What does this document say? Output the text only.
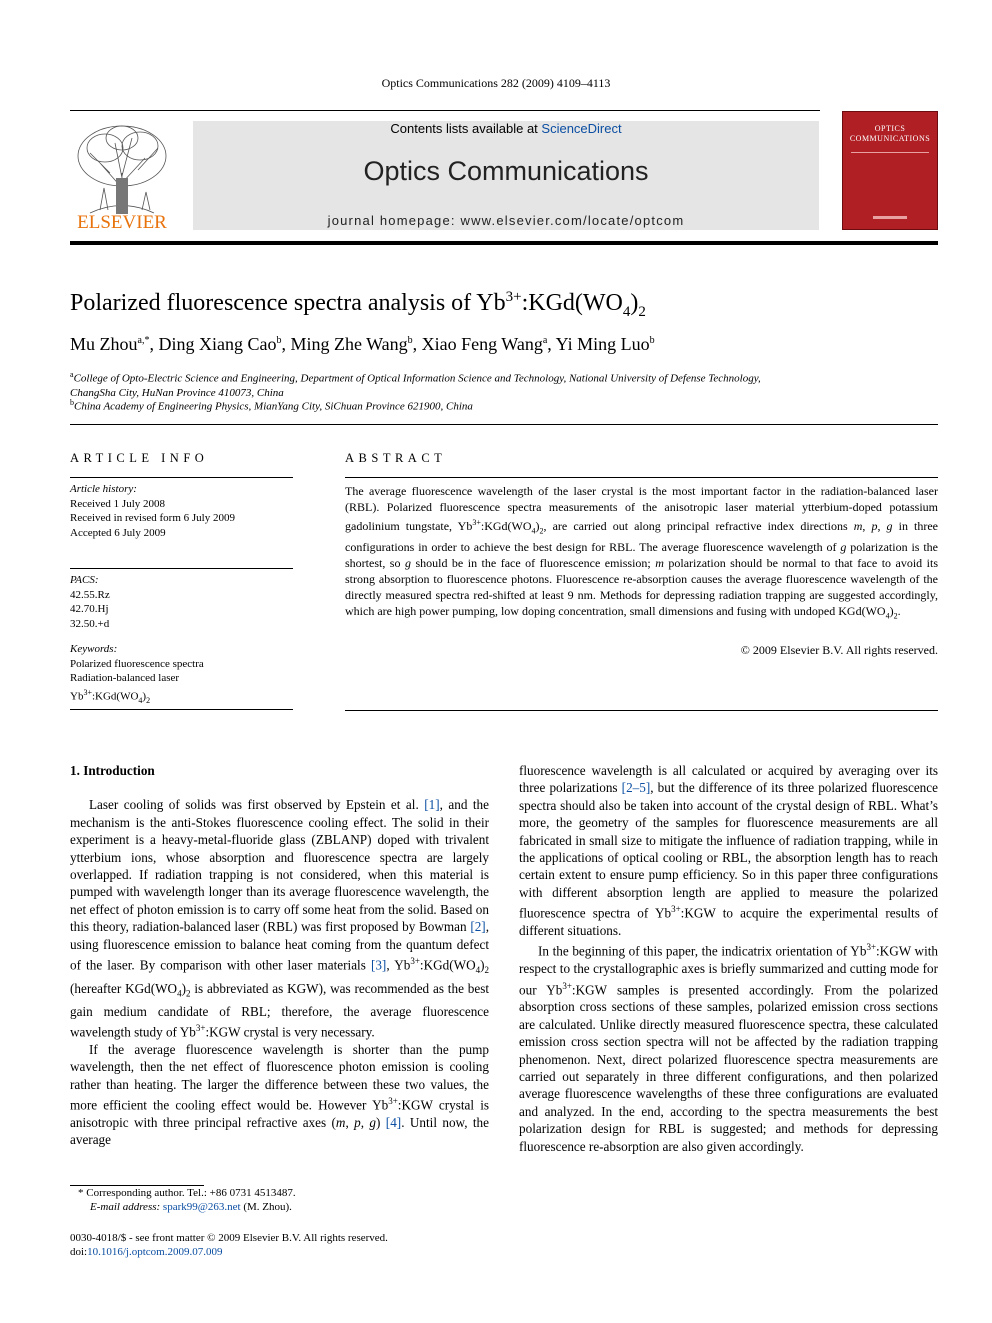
Optics Communications 282 (2009) 4109–4113
ELSEVIER
Contents lists available at ScienceDirect
Optics Communications
journal homepage: www.elsevier.com/locate/optcom
OPTICS
COMMUNICATIONS
Polarized fluorescence spectra analysis of $Yb^{3+}:KGd(WO_4)_2$
Mu Zhou$^{a,*}$, Ding Xiang Cao$^b$, Ming Zhe Wang$^b$, Xiao Feng Wang$^a$, Yi Ming Luo$^b$
$^a$College of Opto-Electric Science and Engineering, Department of Optical Information Science and Technology, National University of Defense Technology,
ChangSha City, HuNan Province 410073, China
$^b$China Academy of Engineering Physics, MianYang City, SiChuan Province 621900, China
ARTICLE INFO
Article history:
Received 1 July 2008
Received in revised form 6 July 2009
Accepted 6 July 2009
PACS:
42.55.Rz
42.70.Hj
32.50.+d
Keywords:
Polarized fluorescence spectra
Radiation-balanced laser
$Yb^{3+}:KGd(WO_4)_2$
ABSTRACT
The average fluorescence wavelength of the laser crystal is the most important factor in the radiation-balanced laser (RBL). Polarized fluorescence spectra measurements of the anisotropic laser material ytterbium-doped potassium gadolinium tungstate, $Yb^{3+}:KGd(WO_4)_2$, are carried out along principal refractive index directions m, p, g in three configurations in order to achieve the best design for RBL. The average fluorescence wavelength of g polarization is the shortest, so g should be in the face of fluorescence emission; m polarization should be normal to that face to avoid its strong absorption to fluorescence photons. Fluorescence re-absorption causes the average fluorescence wavelength of the directly measured spectra red-shifted at least 9 nm. Methods for depressing radiation trapping are suggested accordingly, which are high power pumping, low doping concentration, small dimensions and fusing with undoped $KGd(WO_4)_2$.
© 2009 Elsevier B.V. All rights reserved.
1. Introduction

Laser cooling of solids was first observed by Epstein et al. [1], and the mechanism is the anti-Stokes fluorescence cooling effect. The solid in their experiment is a heavy-metal-fluoride glass (ZBLANP) doped with trivalent ytterbium ions, whose absorption and fluorescence spectra are largely overlapped. If radiation trapping is not considered, when this material is pumped with wavelength longer than its average fluorescence wavelength, the net effect of photon emission is to carry off some heat from the solid. Based on this theory, radiation-balanced laser (RBL) was first proposed by Bowman [2], using fluorescence emission to balance heat coming from the quantum defect of the laser. By comparison with other laser materials [3], $Yb^{3+}:KGd(WO_4)_2$ (hereafter $KGd(WO_4)_2$ is abbreviated as KGW), was recommended as the best gain medium candidate of RBL; therefore, the average fluorescence wavelength study of $Yb^{3+}:KGW$ crystal is very necessary.

If the average fluorescence wavelength is shorter than the pump wavelength, then the net effect of fluorescence photon emission is cooling rather than heating. The larger the difference between these two values, the more efficient the cooling effect would be. However $Yb^{3+}:KGW$ crystal is anisotropic with three principal refractive axes (m, p, g) [4]. Until now, the average

* Corresponding author. Tel.: +86 0731 4513487.
E-mail address: spark99@263.net (M. Zhou).
0030-4018/$ - see front matter © 2009 Elsevier B.V. All rights reserved.
doi:10.1016/j.optcom.2009.07.009

fluorescence wavelength is all calculated or acquired by averaging over its three polarizations [2–5], but the difference of its three polarized fluorescence spectra should also be taken into account of the crystal design of RBL. What’s more, the geometry of the samples for fluorescence measurements are all fabricated in small size to mitigate the influence of radiation trapping, while in the applications of optical cooling or RBL, the absorption length has to reach certain extent to ensure pump efficiency. So in this paper three configurations with different absorption length are applied to measure the polarized fluorescence spectra of $Yb^{3+}:KGW$ to acquire the experimental results of different situations.

In the beginning of this paper, the indicatrix orientation of $Yb^{3+}:KGW$ with respect to the crystallographic axes is briefly summarized and cutting mode for our $Yb^{3+}:KGW$ samples is presented accordingly. From the polarized absorption cross sections of these samples, polarized emission cross sections are calculated. Unlike directly measured fluorescence spectra, these calculated emission cross section spectra will not be affected by the radiation trapping phenomenon. Next, direct polarized fluorescence spectra measurements are carried out separately in three different configurations, and then polarized average fluorescence wavelengths of these three configurations are evaluated and analyzed. In the end, according to the spectra measurements the best polarization design for RBL is suggested; and methods for depressing fluorescence re-absorption are also given accordingly.
